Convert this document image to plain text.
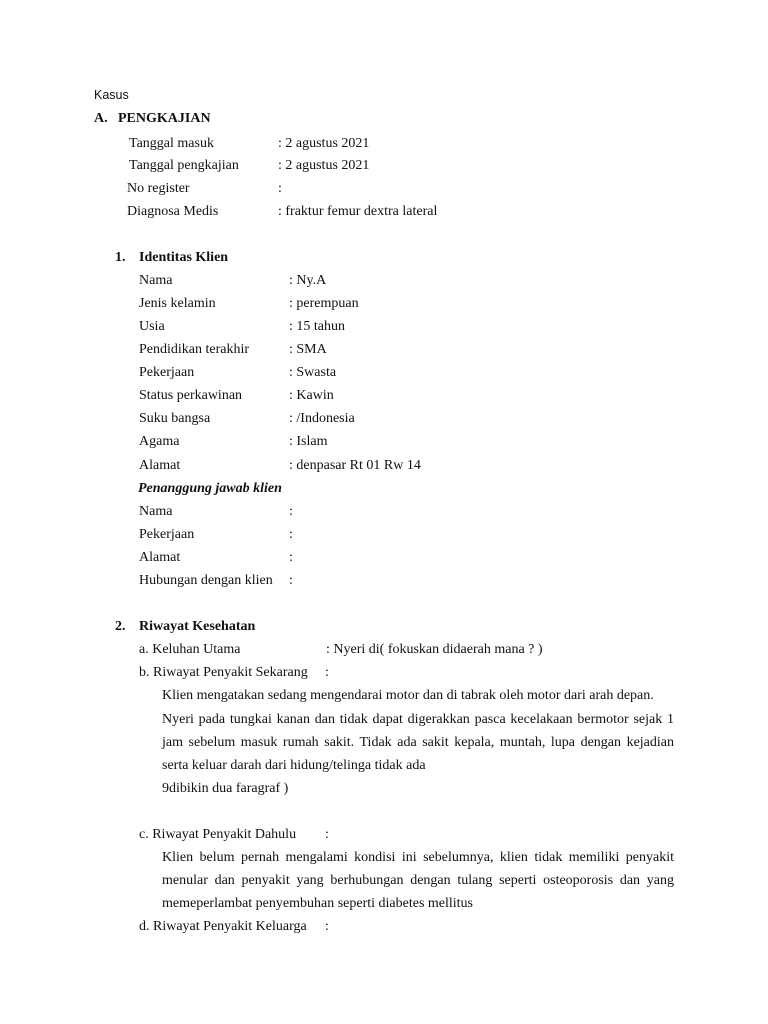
Kasus
A. PENGKAJIAN
Tanggal masuk	: 2 agustus 2021
Tanggal pengkajian	: 2 agustus 2021
No register	:
Diagnosa Medis	: fraktur femur dextra lateral
1. Identitas Klien
Nama	: Ny.A
Jenis kelamin	: perempuan
Usia	: 15 tahun
Pendidikan terakhir	: SMA
Pekerjaan	: Swasta
Status perkawinan	: Kawin
Suku bangsa	: /Indonesia
Agama	: Islam
Alamat	: denpasar Rt 01 Rw 14
Penanggung jawab klien
Nama	:
Pekerjaan	:
Alamat	:
Hubungan dengan klien :
2. Riwayat Kesehatan
a. Keluhan Utama	: Nyeri di( fokuskan didaerah mana ? )
b. Riwayat Penyakit Sekarang :
Klien mengatakan sedang mengendarai motor dan di tabrak oleh motor dari arah depan.
Nyeri pada tungkai kanan dan tidak dapat digerakkan pasca kecelakaan bermotor sejak 1
jam sebelum masuk rumah sakit. Tidak ada sakit kepala, muntah, lupa dengan kejadian
serta keluar darah dari hidung/telinga tidak ada
9dibikin dua faragraf )
c. Riwayat Penyakit Dahulu :
Klien belum pernah mengalami kondisi ini sebelumnya, klien tidak memiliki penyakit
menular dan penyakit yang berhubungan dengan tulang seperti osteoporosis dan yang
memeperlambat penyembuhan seperti diabetes mellitus
d. Riwayat Penyakit Keluarga :
